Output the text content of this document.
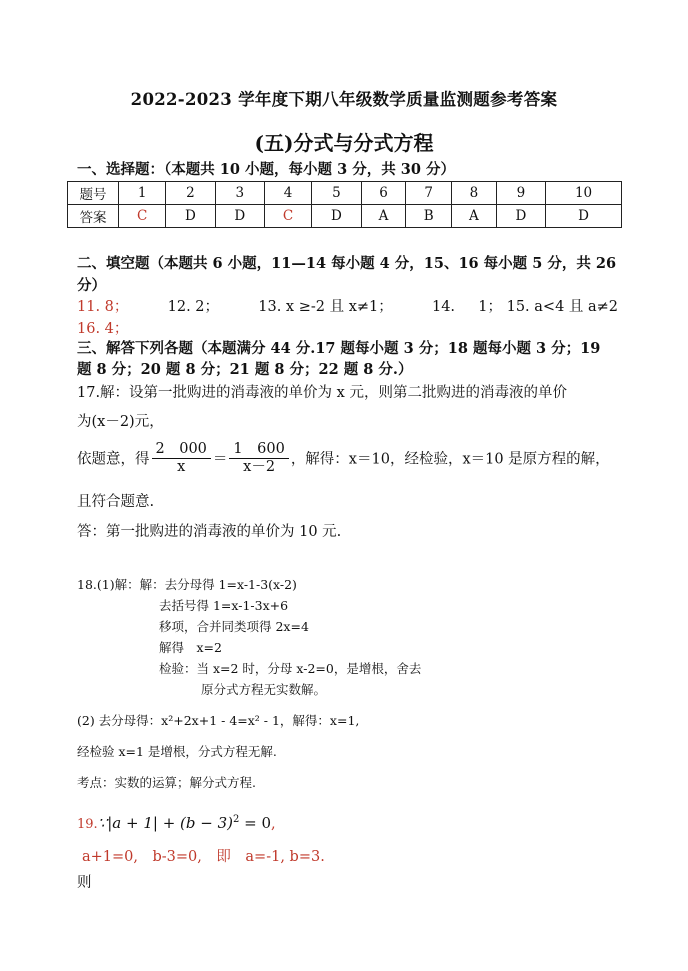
2022-2023 学年度下期八年级数学质量监测题参考答案
(五)分式与分式方程
一、选择题：（本题共 10 小题，每小题 3 分，共 30 分）
题号	1	2	3	4	5	6	7	8	9	10
答案	C	D	D	C	D	A	B	A	D	D
二、填空题（本题共 6 小题，11—14 每小题 4 分，15、16 每小题 5 分，共 26
分）
11. 8；	12. 2；	13. x ≥-2 且 x≠1；	14. 1； 15. a<4 且 a≠2
16. 4；
三、解答下列各题（本题满分 44 分.17 题每小题 3 分；18 题每小题 3 分；19
题 8 分；20 题 8 分；21 题 8 分；22 题 8 分.）
17.解：设第一批购进的消毒液的单价为 x 元，则第二批购进的消毒液的单价
为(x－2)元，
依题意，得 $\frac{2 000}{x} = \frac{1 600}{x-2}$ ，解得：x＝10，经检验，x＝10 是原方程的解，
且符合题意.
答：第一批购进的消毒液的单价为 10 元.
18.(1)解：解：去分母得 1=x-1-3(x-2)
去括号得 1=x-1-3x+6
移项，合并同类项得 2x=4
解得　x=2
检验：当 x=2 时，分母 x-2=0，是增根，舍去
原分式方程无实数解。
(2) 去分母得：x²+2x+1 - 4=x² - 1，解得：x=1,
经检验 x=1 是增根，分式方程无解.
考点：实数的运算；解分式方程.
19.∵|a + $1| + (b - 3)^2 = 0$,
a+1=0,　b-3=0,　即　a=-1, b=3.
则
